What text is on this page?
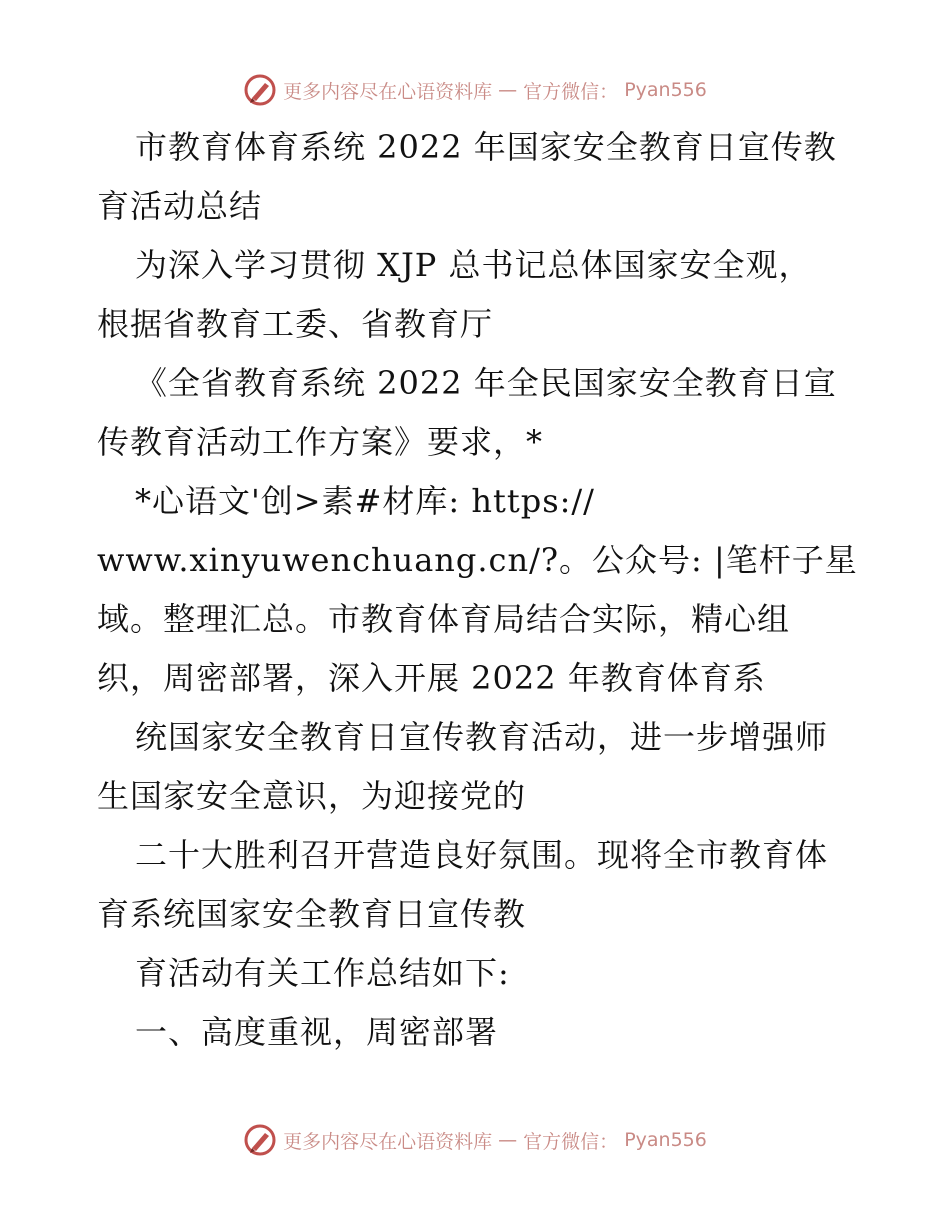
更多内容尽在心语资料库 — 官方微信： Pyan556
市教育体育系统 2022 年国家安全教育日宣传教
育活动总结
为深入学习贯彻 XJP 总书记总体国家安全观，
根据省教育工委、省教育厅
《全省教育系统 2022 年全民国家安全教育日宣
传教育活动工作方案》要求，*
*心语文'创>素#材库: https://
www.xinyuwenchuang.cn/?。公众号: |笔杆子星
域。整理汇总。市教育体育局结合实际，精心组
织，周密部署，深入开展 2022 年教育体育系
统国家安全教育日宣传教育活动，进一步增强师
生国家安全意识，为迎接党的
二十大胜利召开营造良好氛围。现将全市教育体
育系统国家安全教育日宣传教
育活动有关工作总结如下:
一、高度重视，周密部署
更多内容尽在心语资料库 — 官方微信： Pyan556
